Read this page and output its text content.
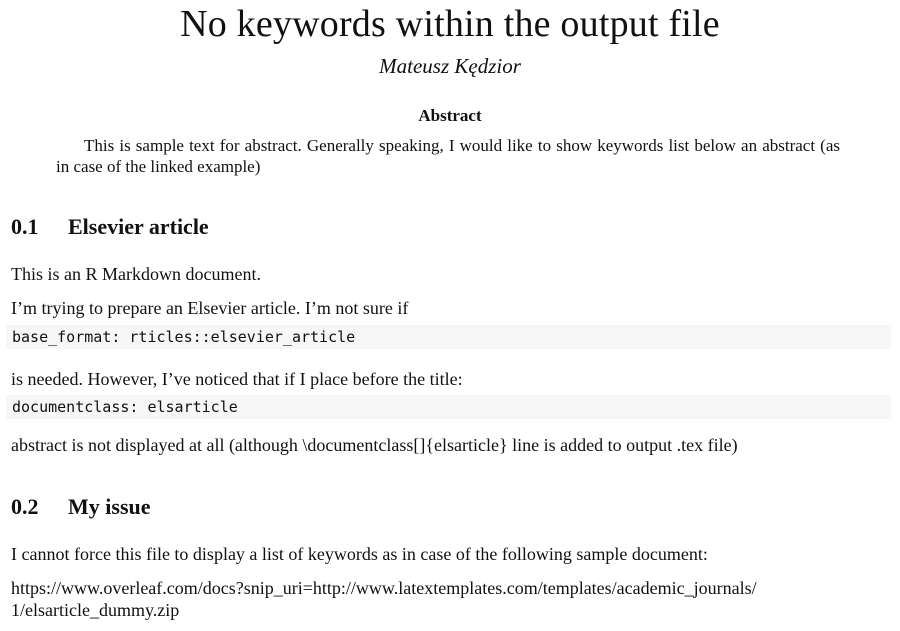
No keywords within the output file
Mateusz Kędzior
Abstract
This is sample text for abstract. Generally speaking, I would like to show keywords list below an abstract (as in case of the linked example)
0.1 Elsevier article
This is an R Markdown document.
I’m trying to prepare an Elsevier article. I’m not sure if
base_format: rticles::elsevier_article
is needed. However, I’ve noticed that if I place before the title:
documentclass: elsarticle
abstract is not displayed at all (although \documentclass[]{elsarticle} line is added to output .tex file)
0.2 My issue
I cannot force this file to display a list of keywords as in case of the following sample document:
https://www.overleaf.com/docs?snip_uri=http://www.latextemplates.com/templates/academic_journals/
1/elsarticle_dummy.zip
